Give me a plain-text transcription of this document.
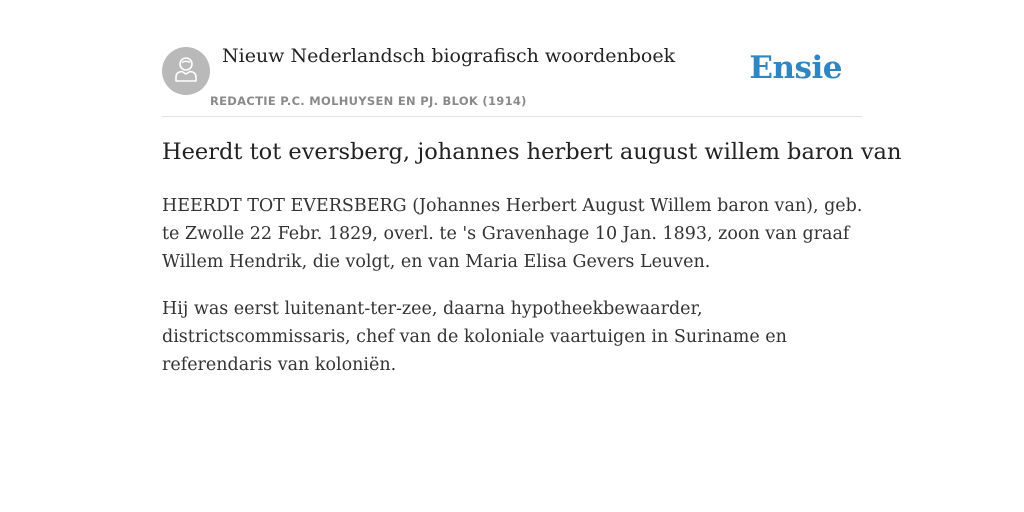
Nieuw Nederlandsch biografisch woordenboek
REDACTIE P.C. MOLHUYSEN EN PJ. BLOK (1914)
Ensie
Heerdt tot eversberg, johannes herbert august willem baron van

HEERDT TOT EVERSBERG (Johannes Herbert August Willem baron van), geb. te Zwolle 22 Febr. 1829, overl. te 's Gravenhage 10 Jan. 1893, zoon van graaf Willem Hendrik, die volgt, en van Maria Elisa Gevers Leuven.

Hij was eerst luitenant-ter-zee, daarna hypotheekbewaarder, districtscommissaris, chef van de koloniale vaartuigen in Suriname en referendaris van koloniën.
